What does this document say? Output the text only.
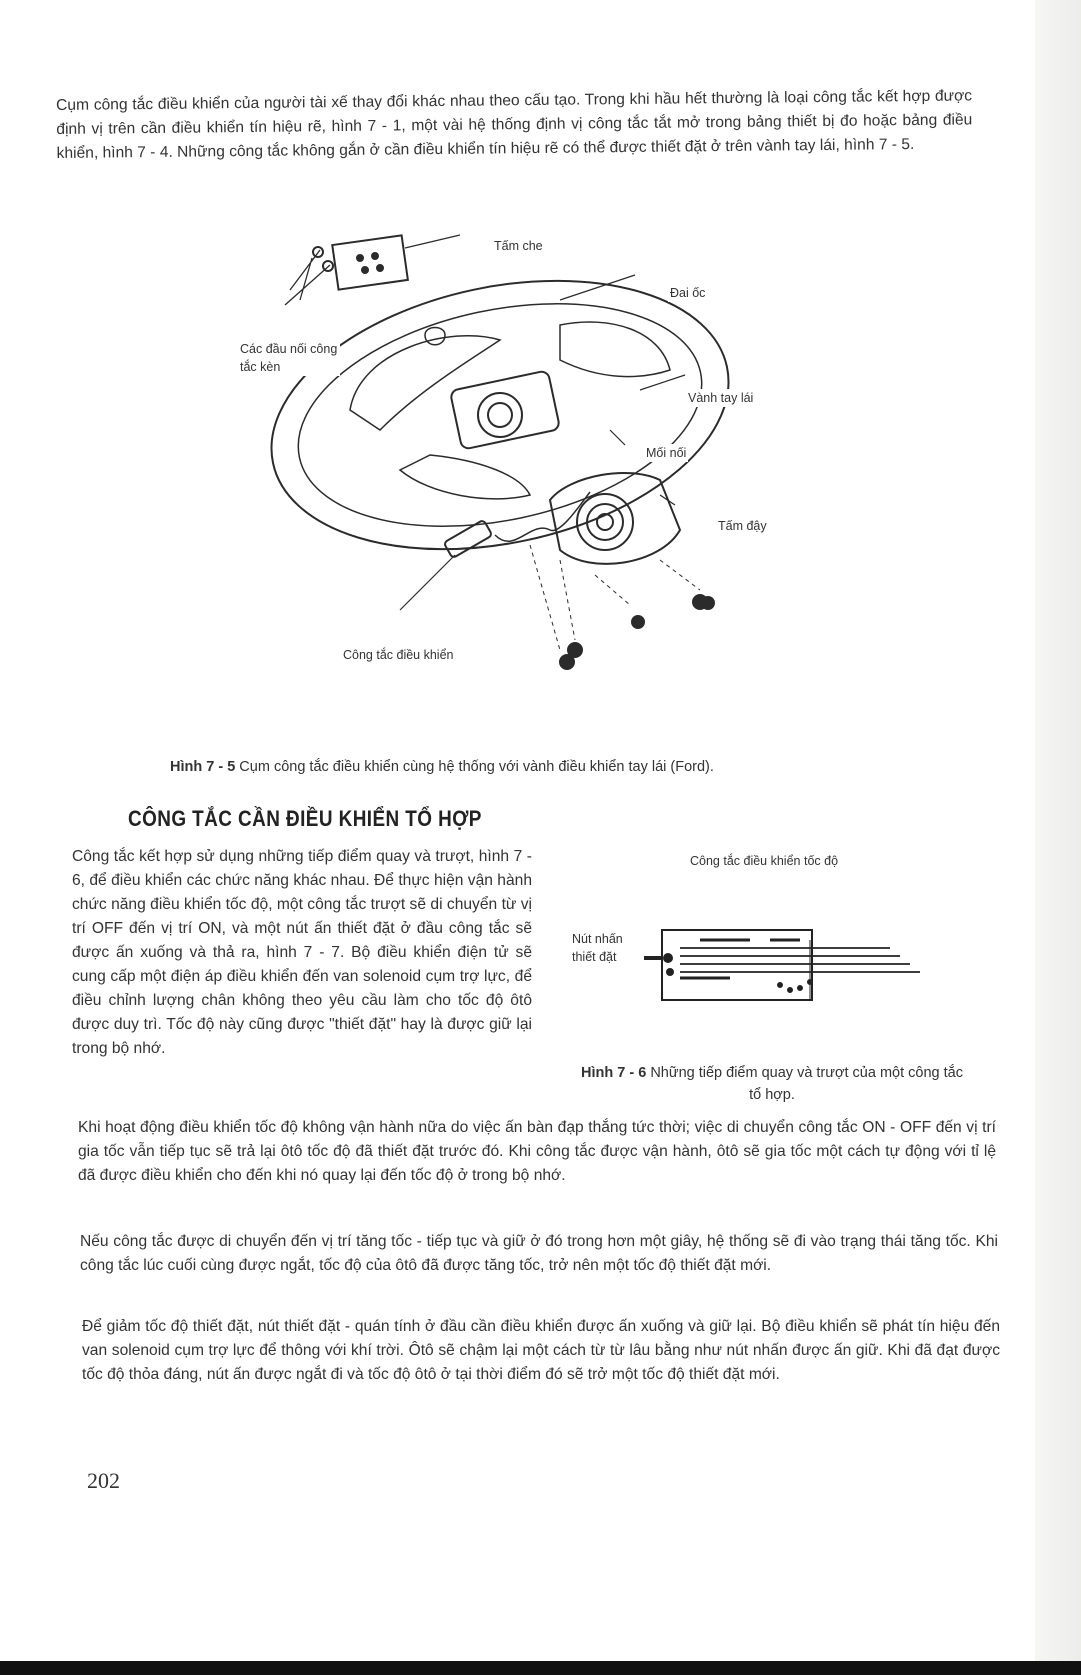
Cụm công tắc điều khiển của người tài xế thay đổi khác nhau theo cấu tạo. Trong khi hầu hết thường là loại công tắc kết hợp được định vị trên cần điều khiển tín hiệu rẽ, hình 7 - 1, một vài hệ thống định vị công tắc tắt mở trong bảng thiết bị đo hoặc bảng điều khiển, hình 7 - 4. Những công tắc không gắn ở cần điều khiển tín hiệu rẽ có thể được thiết đặt ở trên vành tay lái, hình 7 - 5.

Tấm che
Đai ốc
Các đầu nối công tắc kèn
Vành tay lái
Mối nối
Tấm đậy
Công tắc điều khiển
Hình 7 - 5 Cụm công tắc điều khiển cùng hệ thống với vành điều khiển tay lái (Ford).
CÔNG TẮC CẦN ĐIỀU KHIỂN TỔ HỢP

Công tắc kết hợp sử dụng những tiếp điểm quay và trượt, hình 7 - 6, để điều khiển các chức năng khác nhau. Để thực hiện vận hành chức năng điều khiển tốc độ, một công tắc trượt sẽ di chuyển từ vị trí OFF đến vị trí ON, và một nút ấn thiết đặt ở đầu công tắc sẽ được ấn xuống và thả ra, hình 7 - 7. Bộ điều khiển điện tử sẽ cung cấp một điện áp điều khiển đến van solenoid cụm trợ lực, để điều chỉnh lượng chân không theo yêu cầu làm cho tốc độ ôtô được duy trì. Tốc độ này cũng được "thiết đặt" hay là được giữ lại trong bộ nhớ.

Công tắc điều khiển tốc độ
Nút nhấn thiết đặt
Hình 7 - 6 Những tiếp điểm quay và trượt của một công tắc tổ hợp.

Khi hoạt động điều khiển tốc độ không vận hành nữa do việc ấn bàn đạp thắng tức thời; việc di chuyển công tắc ON - OFF đến vị trí gia tốc vẫn tiếp tục sẽ trả lại ôtô tốc độ đã thiết đặt trước đó. Khi công tắc được vận hành, ôtô sẽ gia tốc một cách tự động với tỉ lệ đã được điều khiển cho đến khi nó quay lại đến tốc độ ở trong bộ nhớ.

Nếu công tắc được di chuyển đến vị trí tăng tốc - tiếp tục và giữ ở đó trong hơn một giây, hệ thống sẽ đi vào trạng thái tăng tốc. Khi công tắc lúc cuối cùng được ngắt, tốc độ của ôtô đã được tăng tốc, trở nên một tốc độ thiết đặt mới.

Để giảm tốc độ thiết đặt, nút thiết đặt - quán tính ở đầu cần điều khiển được ấn xuống và giữ lại. Bộ điều khiển sẽ phát tín hiệu đến van solenoid cụm trợ lực để thông với khí trời. Ôtô sẽ chậm lại một cách từ từ lâu bằng như nút nhấn được ấn giữ. Khi đã đạt được tốc độ thỏa đáng, nút ấn được ngắt đi và tốc độ ôtô ở tại thời điểm đó sẽ trở một tốc độ thiết đặt mới.

202
